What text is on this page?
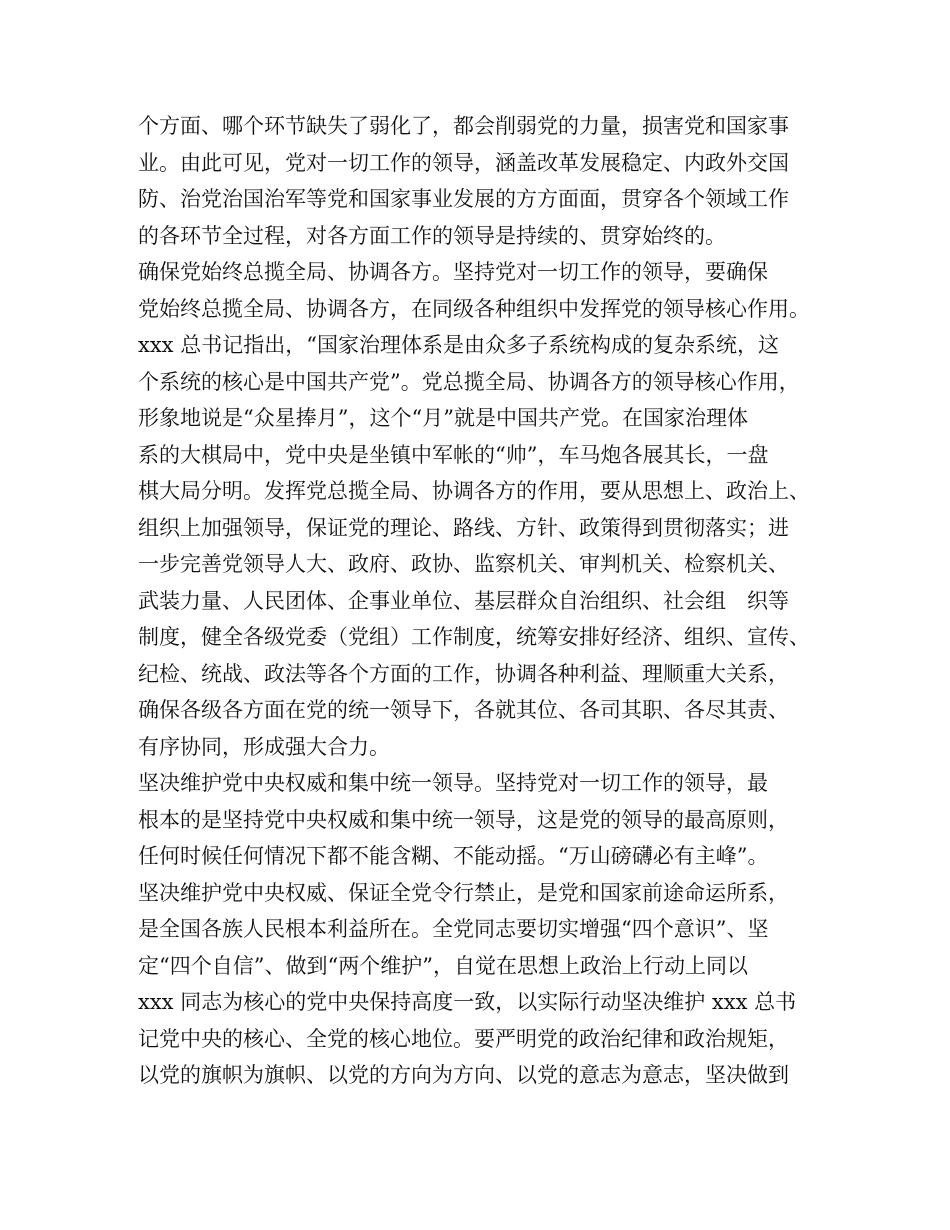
个方面、哪个环节缺失了弱化了，都会削弱党的力量，损害党和国家事
业。由此可见，党对一切工作的领导，涵盖改革发展稳定、内政外交国
防、治党治国治军等党和国家事业发展的方方面面，贯穿各个领域工作
的各环节全过程，对各方面工作的领导是持续的、贯穿始终的。
确保党始终总揽全局、协调各方。坚持党对一切工作的领导，要确保
党始终总揽全局、协调各方，在同级各种组织中发挥党的领导核心作用。
xxx 总书记指出，“国家治理体系是由众多子系统构成的复杂系统，这
个系统的核心是中国共产党”。党总揽全局、协调各方的领导核心作用，
形象地说是“众星捧月”，这个“月”就是中国共产党。在国家治理体
系的大棋局中，党中央是坐镇中军帐的“帅”，车马炮各展其长，一盘
棋大局分明。发挥党总揽全局、协调各方的作用，要从思想上、政治上、
组织上加强领导，保证党的理论、路线、方针、政策得到贯彻落实；进
一步完善党领导人大、政府、政协、监察机关、审判机关、检察机关、
武装力量、人民团体、企事业单位、基层群众自治组织、社会组　织等
制度，健全各级党委（党组）工作制度，统筹安排好经济、组织、宣传、
纪检、统战、政法等各个方面的工作，协调各种利益、理顺重大关系，
确保各级各方面在党的统一领导下，各就其位、各司其职、各尽其责、
有序协同，形成强大合力。
坚决维护党中央权威和集中统一领导。坚持党对一切工作的领导，最
根本的是坚持党中央权威和集中统一领导，这是党的领导的最高原则，
任何时候任何情况下都不能含糊、不能动摇。“万山磅礴必有主峰”。
坚决维护党中央权威、保证全党令行禁止，是党和国家前途命运所系，
是全国各族人民根本利益所在。全党同志要切实增强“四个意识”、坚
定“四个自信”、做到“两个维护”，自觉在思想上政治上行动上同以
xxx 同志为核心的党中央保持高度一致，以实际行动坚决维护 xxx 总书
记党中央的核心、全党的核心地位。要严明党的政治纪律和政治规矩，
以党的旗帜为旗帜、以党的方向为方向、以党的意志为意志，坚决做到
